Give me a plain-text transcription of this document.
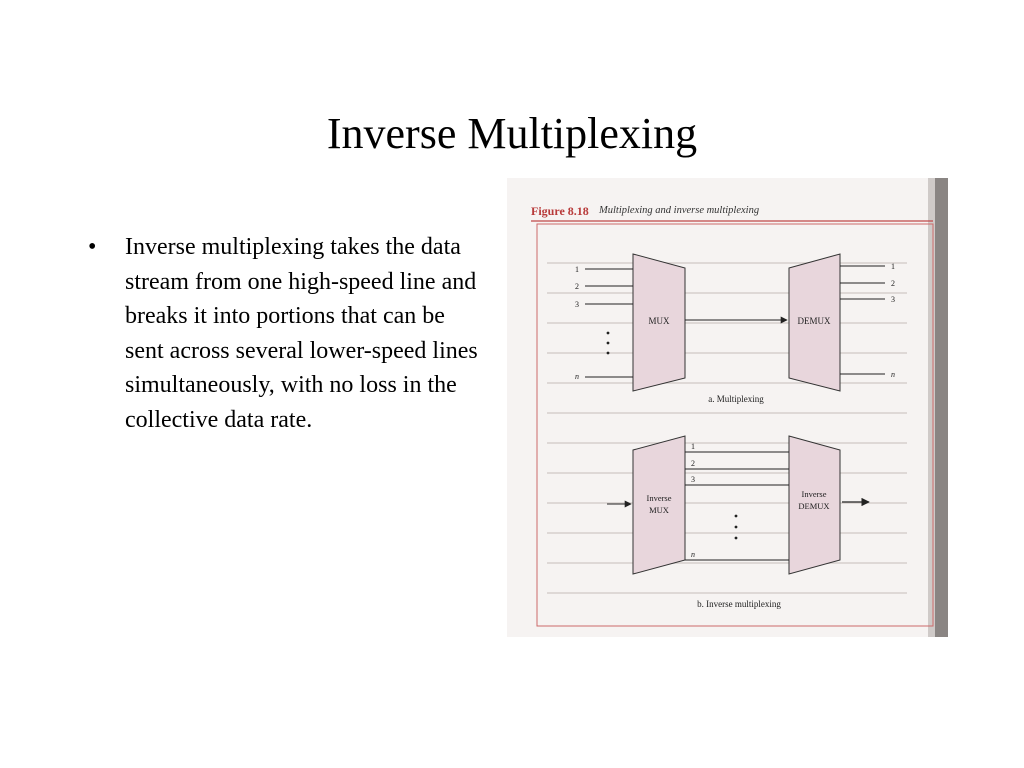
Inverse Multiplexing
• Inverse multiplexing takes the data stream from one high-speed line and breaks it into portions that can be sent across several lower-speed lines simultaneously, with no loss in the collective data rate.
Figure 8.18 Multiplexing and inverse multiplexing
MUX	DEMUX
1
2
3
n
1
2
3
n
a. Multiplexing
Inverse
MUX
Inverse
DEMUX
1
2
3
n
b. Inverse multiplexing
